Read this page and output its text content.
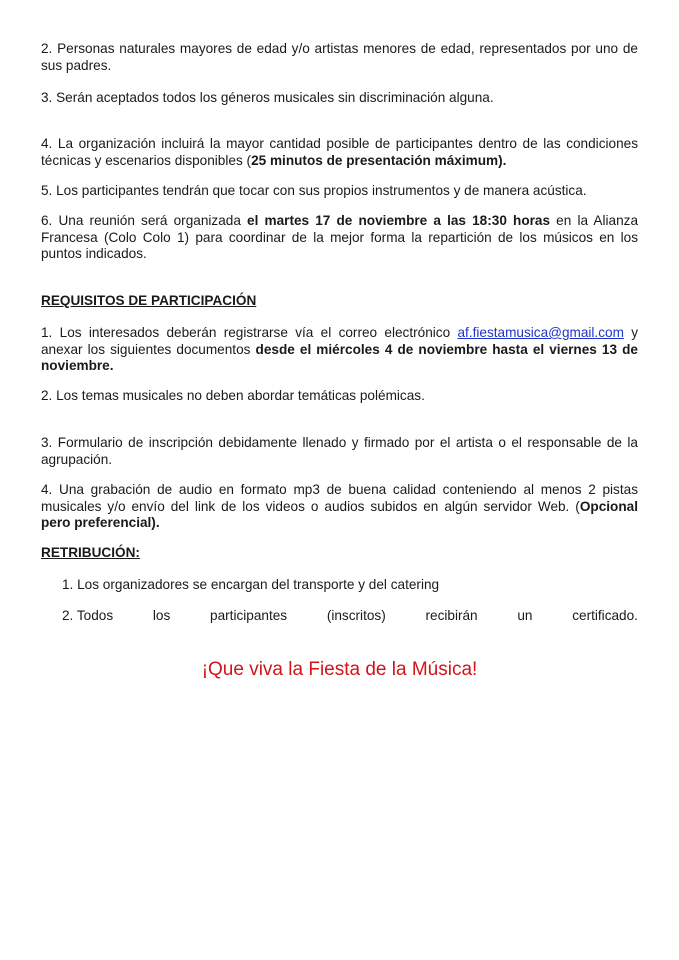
2. Personas naturales mayores de edad y/o artistas menores de edad, representados por uno de sus padres.
3. Serán aceptados todos los géneros musicales sin discriminación alguna.
4. La organización incluirá la mayor cantidad posible de participantes dentro de las condiciones técnicas y escenarios disponibles (25 minutos de presentación máximum).
5. Los participantes tendrán que tocar con sus propios instrumentos y de manera acústica.
6. Una reunión será organizada el martes 17 de noviembre a las 18:30 horas en la Alianza Francesa (Colo Colo 1) para coordinar de la mejor forma la repartición de los músicos en los puntos indicados.
REQUISITOS DE PARTICIPACIÓN
1. Los interesados deberán registrarse vía el correo electrónico af.fiestamusica@gmail.com y anexar los siguientes documentos desde el miércoles 4 de noviembre hasta el viernes 13 de noviembre.
2. Los temas musicales no deben abordar temáticas polémicas.
3. Formulario de inscripción debidamente llenado y firmado por el artista o el responsable de la agrupación.
4. Una grabación de audio en formato mp3 de buena calidad conteniendo al menos 2 pistas musicales y/o envío del link de los videos o audios subidos en algún servidor Web. (Opcional pero preferencial).
RETRIBUCIÓN:
1. Los organizadores se encargan del transporte y del catering
2. Todos	los	participantes	(inscritos)	recibirán	un	certificado.
¡Que viva la Fiesta de la Música!
